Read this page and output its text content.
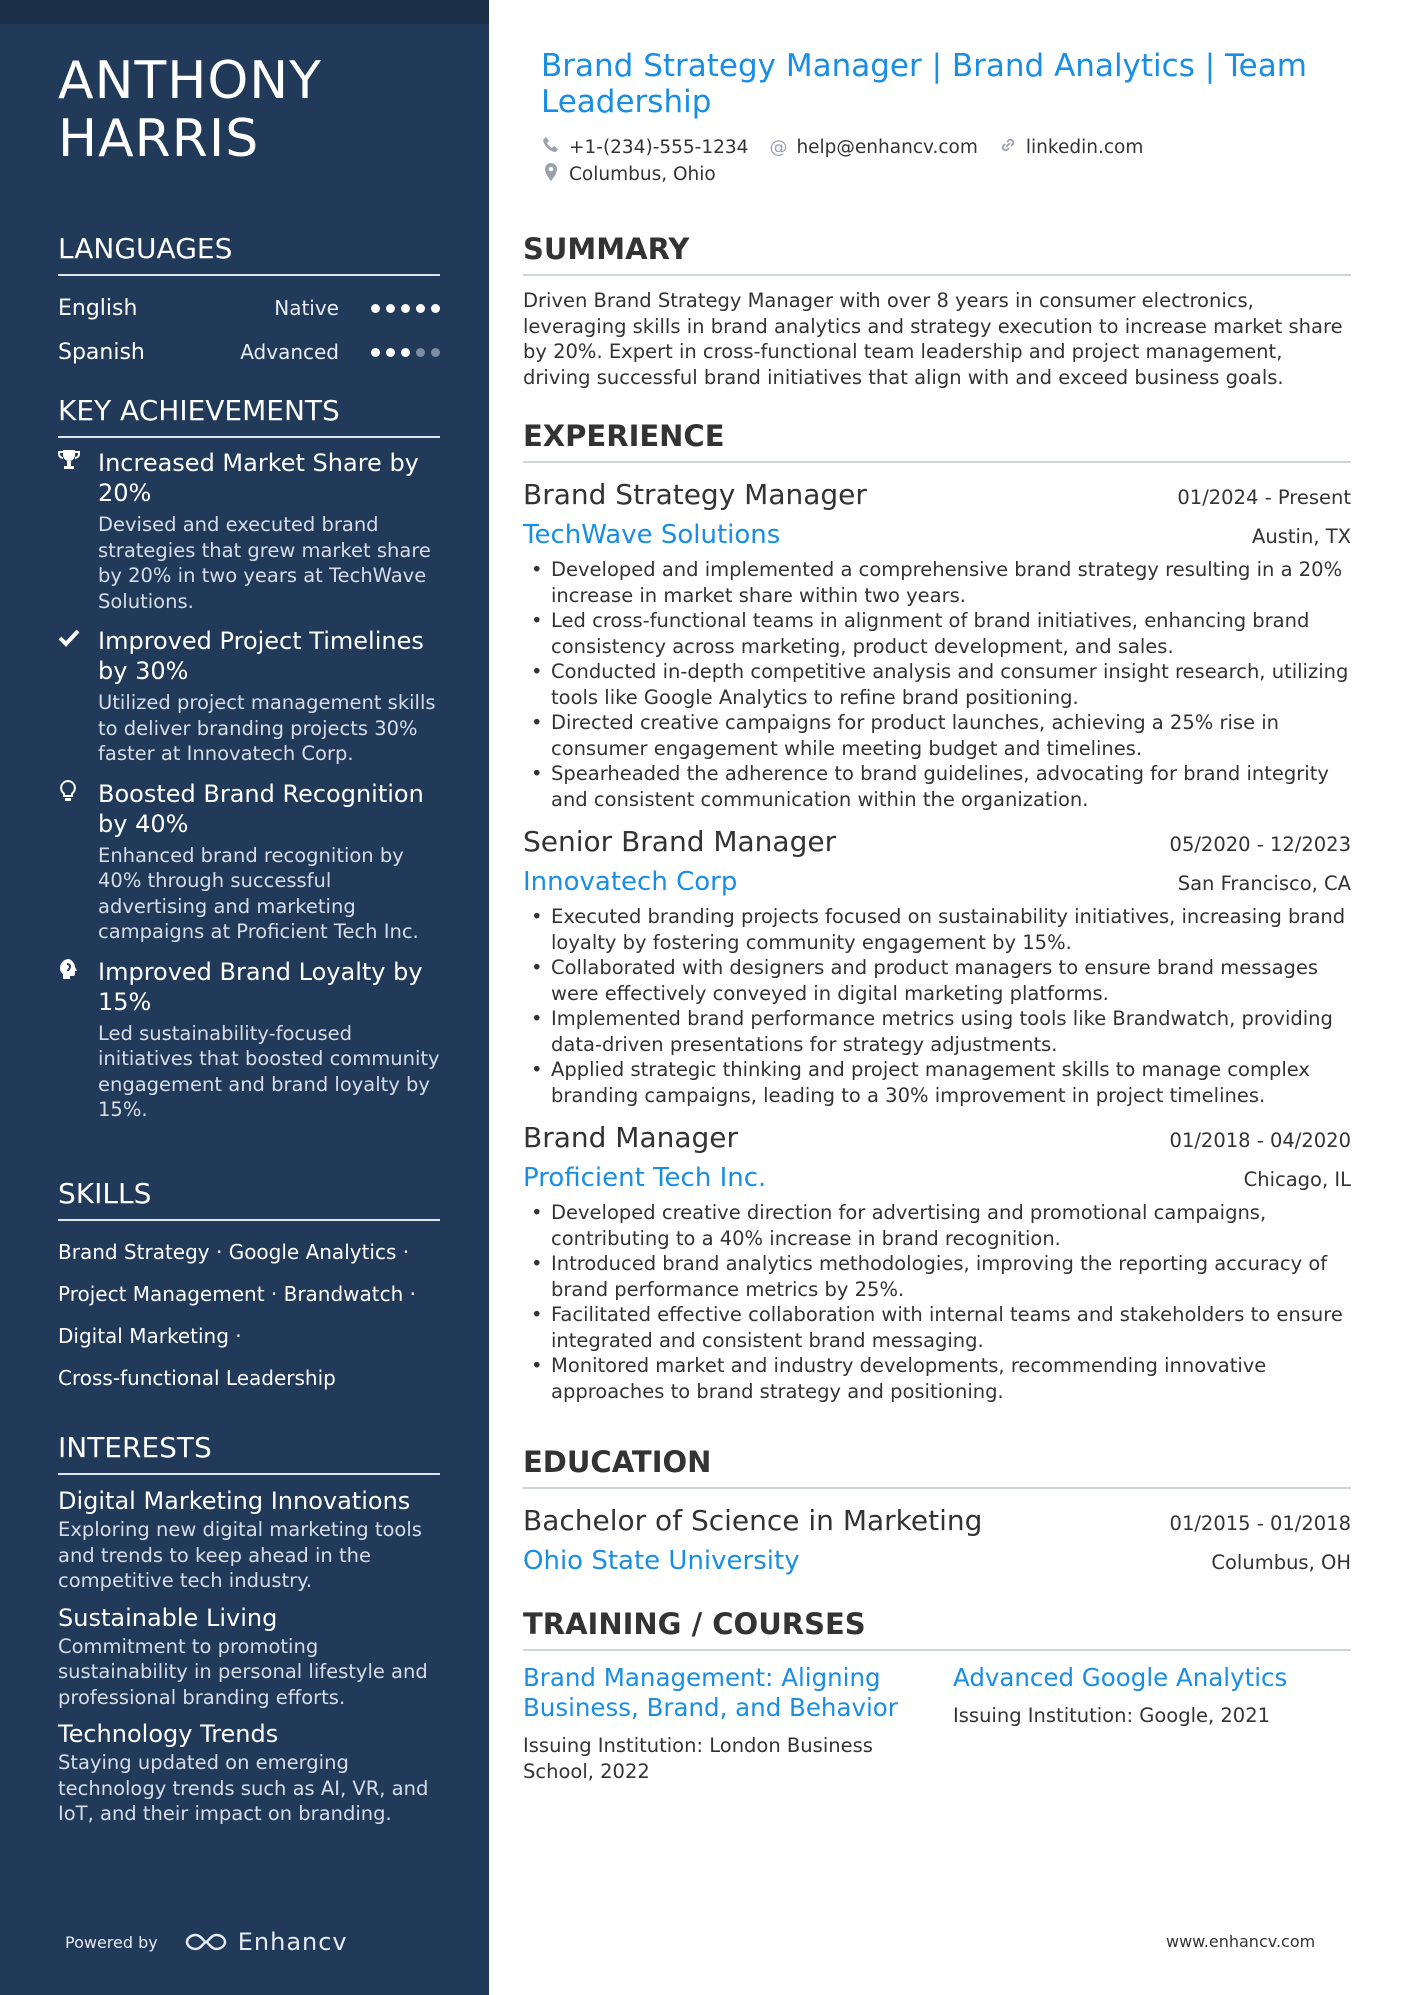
ANTHONY HARRIS
LANGUAGES
English	Native
Spanish	Advanced
KEY ACHIEVEMENTS
Increased Market Share by 20%
Devised and executed brand strategies that grew market share by 20% in two years at TechWave Solutions.
Improved Project Timelines by 30%
Utilized project management skills to deliver branding projects 30% faster at Innovatech Corp.
Boosted Brand Recognition by 40%
Enhanced brand recognition by 40% through successful advertising and marketing campaigns at Proficient Tech Inc.
Improved Brand Loyalty by 15%
Led sustainability-focused initiatives that boosted community engagement and brand loyalty by 15%.
SKILLS
Brand Strategy · Google Analytics ·
Project Management · Brandwatch ·
Digital Marketing ·
Cross-functional Leadership
INTERESTS
Digital Marketing Innovations
Exploring new digital marketing tools and trends to keep ahead in the competitive tech industry.
Sustainable Living
Commitment to promoting sustainability in personal lifestyle and professional branding efforts.
Technology Trends
Staying updated on emerging technology trends such as AI, VR, and IoT, and their impact on branding.
Powered by	Enhancv
Brand Strategy Manager | Brand Analytics | Team Leadership
+1-(234)-555-1234 @ help@enhancv.com	linkedin.com
Columbus, Ohio
SUMMARY

Driven Brand Strategy Manager with over 8 years in consumer electronics, leveraging skills in brand analytics and strategy execution to increase market share by 20%. Expert in cross-functional team leadership and project management, driving successful brand initiatives that align with and exceed business goals.

EXPERIENCE
Brand Strategy Manager	01/2024 - Present
TechWave Solutions	Austin, TX
• Developed and implemented a comprehensive brand strategy resulting in a 20% increase in market share within two years.
• Led cross-functional teams in alignment of brand initiatives, enhancing brand consistency across marketing, product development, and sales.
• Conducted in-depth competitive analysis and consumer insight research, utilizing tools like Google Analytics to refine brand positioning.
• Directed creative campaigns for product launches, achieving a 25% rise in consumer engagement while meeting budget and timelines.
• Spearheaded the adherence to brand guidelines, advocating for brand integrity and consistent communication within the organization.
Senior Brand Manager	05/2020 - 12/2023
Innovatech Corp	San Francisco, CA
• Executed branding projects focused on sustainability initiatives, increasing brand loyalty by fostering community engagement by 15%.
• Collaborated with designers and product managers to ensure brand messages were effectively conveyed in digital marketing platforms.
• Implemented brand performance metrics using tools like Brandwatch, providing data-driven presentations for strategy adjustments.
• Applied strategic thinking and project management skills to manage complex branding campaigns, leading to a 30% improvement in project timelines.
Brand Manager	01/2018 - 04/2020
Proficient Tech Inc.	Chicago, IL
• Developed creative direction for advertising and promotional campaigns, contributing to a 40% increase in brand recognition.
• Introduced brand analytics methodologies, improving the reporting accuracy of brand performance metrics by 25%.
• Facilitated effective collaboration with internal teams and stakeholders to ensure integrated and consistent brand messaging.
• Monitored market and industry developments, recommending innovative approaches to brand strategy and positioning.
EDUCATION
Bachelor of Science in Marketing	01/2015 - 01/2018
Ohio State University	Columbus, OH
TRAINING / COURSES
Brand Management: Aligning Business, Brand, and Behavior
Issuing Institution: London Business School, 2022
Advanced Google Analytics
Issuing Institution: Google, 2021
www.enhancv.com
